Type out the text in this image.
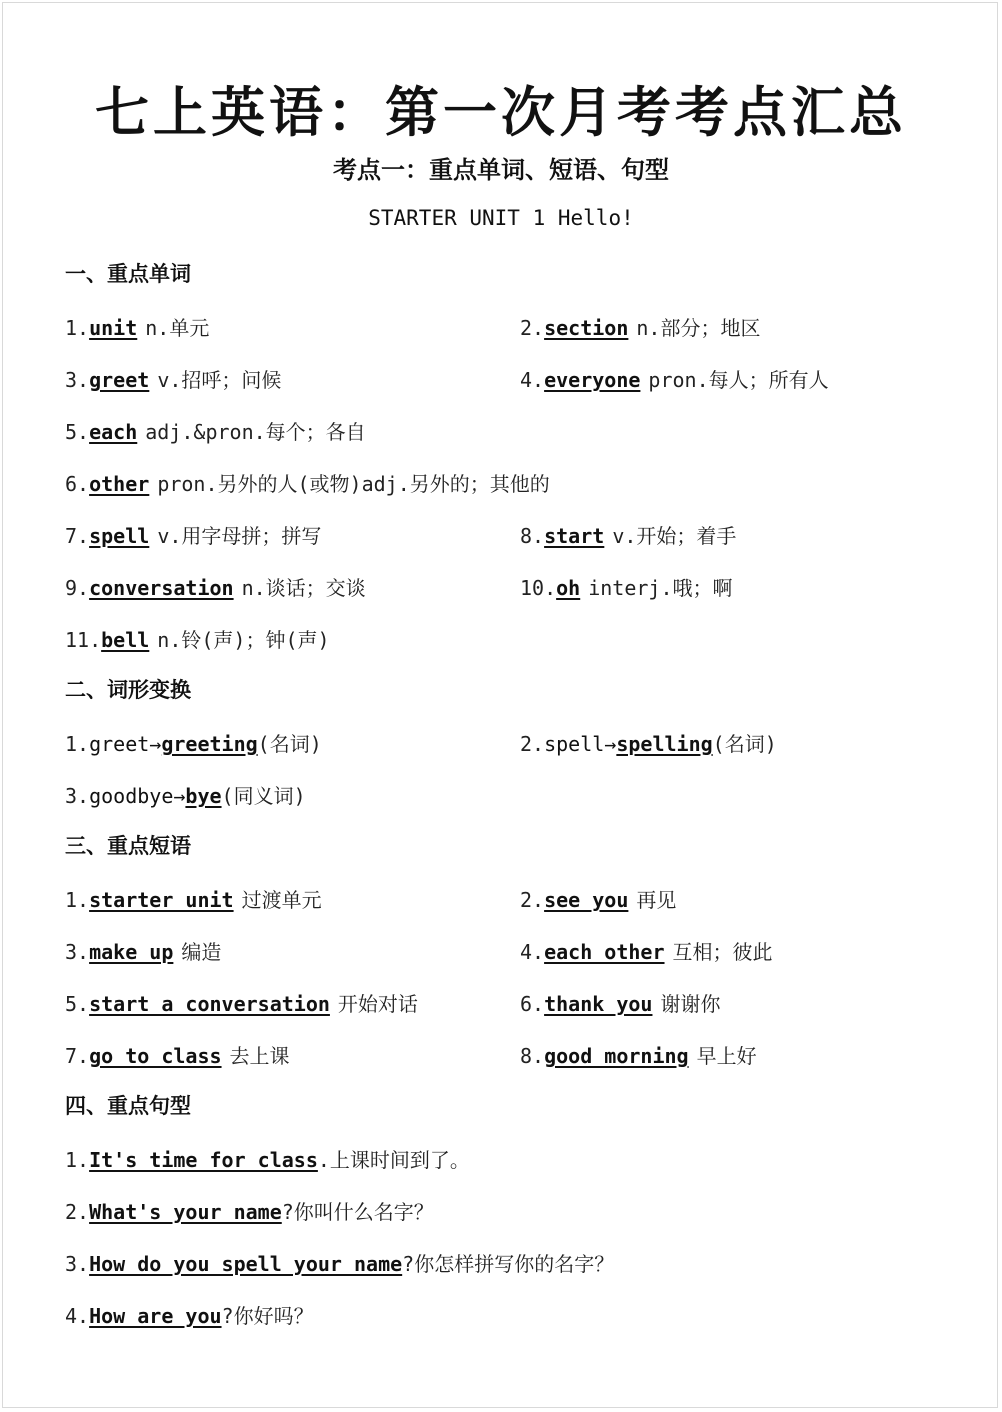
七上英语：第一次月考考点汇总
考点一：重点单词、短语、句型
STARTER UNIT 1 Hello!
一、重点单词
1.unit n.单元	2.section n.部分；地区
3.greet v.招呼；问候	4.everyone pron.每人；所有人
5.each adj.&pron.每个；各自
6.other pron.另外的人(或物)adj.另外的；其他的
7.spell v.用字母拼；拼写	8.start v.开始；着手
9.conversation n.谈话；交谈	10.oh interj.哦；啊
11.bell n.铃(声)；钟(声)
二、词形变换
1.greet→greeting(名词)	2.spell→spelling(名词)
3.goodbye→bye(同义词)
三、重点短语
1.starter unit 过渡单元	2.see you 再见
3.make up 编造	4.each other 互相；彼此
5.start a conversation 开始对话	6.thank you 谢谢你
7.go to class 去上课	8.good morning 早上好
四、重点句型
1.It's time for class.上课时间到了。
2.What's your name?你叫什么名字？
3.How do you spell your name?你怎样拼写你的名字？
4.How are you?你好吗？
